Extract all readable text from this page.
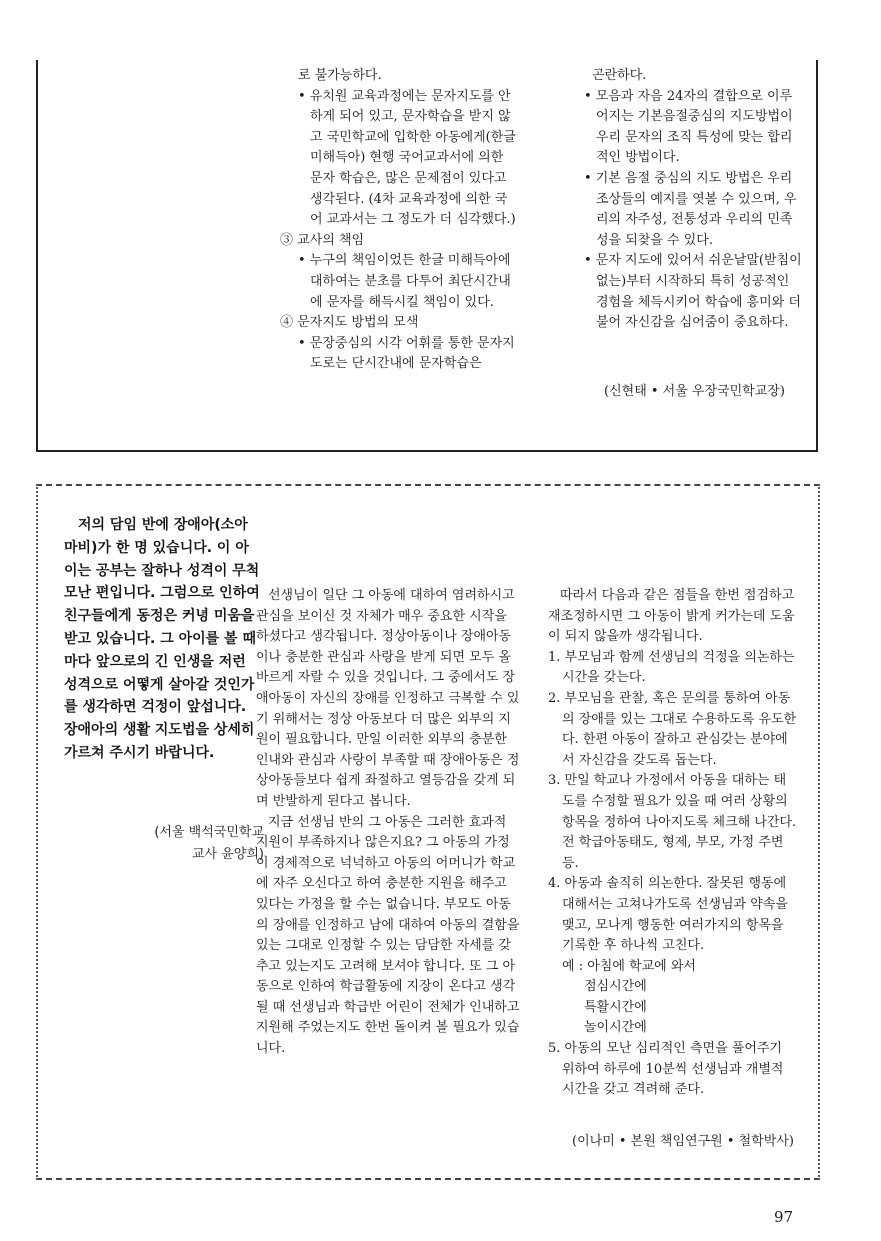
로 불가능하다.

• 유치원 교육과정에는 문자지도를 안 하게 되어 있고, 문자학습을 받지 않고 국민학교에 입학한 아동에게(한글 미해득아) 현행 국어교과서에 의한 문자 학습은, 많은 문제점이 있다고 생각된다. (4차 교육과정에 의한 국어 교과서는 그 정도가 더 심각했다.)

③ 교사의 책임

• 누구의 책임이었든 한글 미해득아에 대하여는 분초를 다투어 최단시간내에 문자를 해득시킬 책임이 있다.

④ 문자지도 방법의 모색

• 문장중심의 시각 어휘를 통한 문자지도로는 단시간내에 문자학습은

곤란하다.

• 모음과 자음 24자의 결합으로 이루어지는 기본음절중심의 지도방법이 우리 문자의 조직 특성에 맞는 합리적인 방법이다.

• 기본 음절 중심의 지도 방법은 우리 조상들의 예지를 엿볼 수 있으며, 우리의 자주성, 전통성과 우리의 민족성을 되찾을 수 있다.

• 문자 지도에 있어서 쉬운낱말(받침이 없는)부터 시작하되 특히 성공적인 경험을 체득시키어 학습에 흥미와 더불어 자신감을 심어줌이 중요하다.

(신현태 • 서울 우장국민학교장)

저의 담임 반에 장애아(소아마비)가 한 명 있습니다. 이 아이는 공부는 잘하나 성격이 무척 모난 편입니다. 그럼으로 인하여 친구들에게 동정은 커녕 미움을 받고 있습니다. 그 아이를 볼 때마다 앞으로의 긴 인생을 저런 성격으로 어떻게 살아갈 것인가를 생각하면 걱정이 앞섭니다. 장애아의 생활 지도법을 상세히 가르쳐 주시기 바랍니다.

(서울 백석국민학교
교사 윤양희)

선생님이 일단 그 아동에 대하여 염려하시고 관심을 보이신 것 자체가 매우 중요한 시작을 하셨다고 생각됩니다. 정상아동이나 장애아동이나 충분한 관심과 사랑을 받게 되면 모두 올바르게 자랄 수 있을 것입니다. 그 중에서도 장애아동이 자신의 장애를 인정하고 극복할 수 있기 위해서는 정상 아동보다 더 많은 외부의 지원이 필요합니다. 만일 이러한 외부의 충분한 인내와 관심과 사랑이 부족할 때 장애아동은 정상아동들보다 쉽게 좌절하고 열등감을 갖게 되며 반발하게 된다고 봅니다.

지금 선생님 반의 그 아동은 그러한 효과적 지원이 부족하지나 않은지요? 그 아동의 가정이 경제적으로 넉넉하고 아동의 어머니가 학교에 자주 오신다고 하여 충분한 지원을 해주고 있다는 가정을 할 수는 없습니다. 부모도 아동의 장애를 인정하고 남에 대하여 아동의 결함을 있는 그대로 인정할 수 있는 담담한 자세를 갖추고 있는지도 고려해 보셔야 합니다. 또 그 아동으로 인하여 학급활동에 지장이 온다고 생각될 때 선생님과 학급반 어린이 전체가 인내하고 지원해 주었는지도 한번 돌이켜 볼 필요가 있습니다.

따라서 다음과 같은 점들을 한번 점검하고 재조정하시면 그 아동이 밝게 커가는데 도움이 되지 않을까 생각됩니다.

1. 부모님과 함께 선생님의 걱정을 의논하는 시간을 갖는다.

2. 부모님을 관찰, 혹은 문의를 통하여 아동의 장애를 있는 그대로 수용하도록 유도한다. 한편 아동이 잘하고 관심갖는 분야에서 자신감을 갖도록 돕는다.

3. 만일 학교나 가정에서 아동을 대하는 태도를 수정할 필요가 있을 때 여러 상황의 항목을 정하여 나아지도록 체크해 나간다. 전 학급아동태도, 형제, 부모, 가정 주변 등.

4. 아동과 솔직히 의논한다. 잘못된 행동에 대해서는 고쳐나가도록 선생님과 약속을 맺고, 모나게 행동한 여러가지의 항목을 기록한 후 하나씩 고친다.

예 : 아침에 학교에 와서

점심시간에

특활시간에

놀이시간에

5. 아동의 모난 심리적인 측면을 풀어주기 위하여 하루에 10분씩 선생님과 개별적 시간을 갖고 격려해 준다.

(이나미 • 본원 책임연구원 • 철학박사)
97
